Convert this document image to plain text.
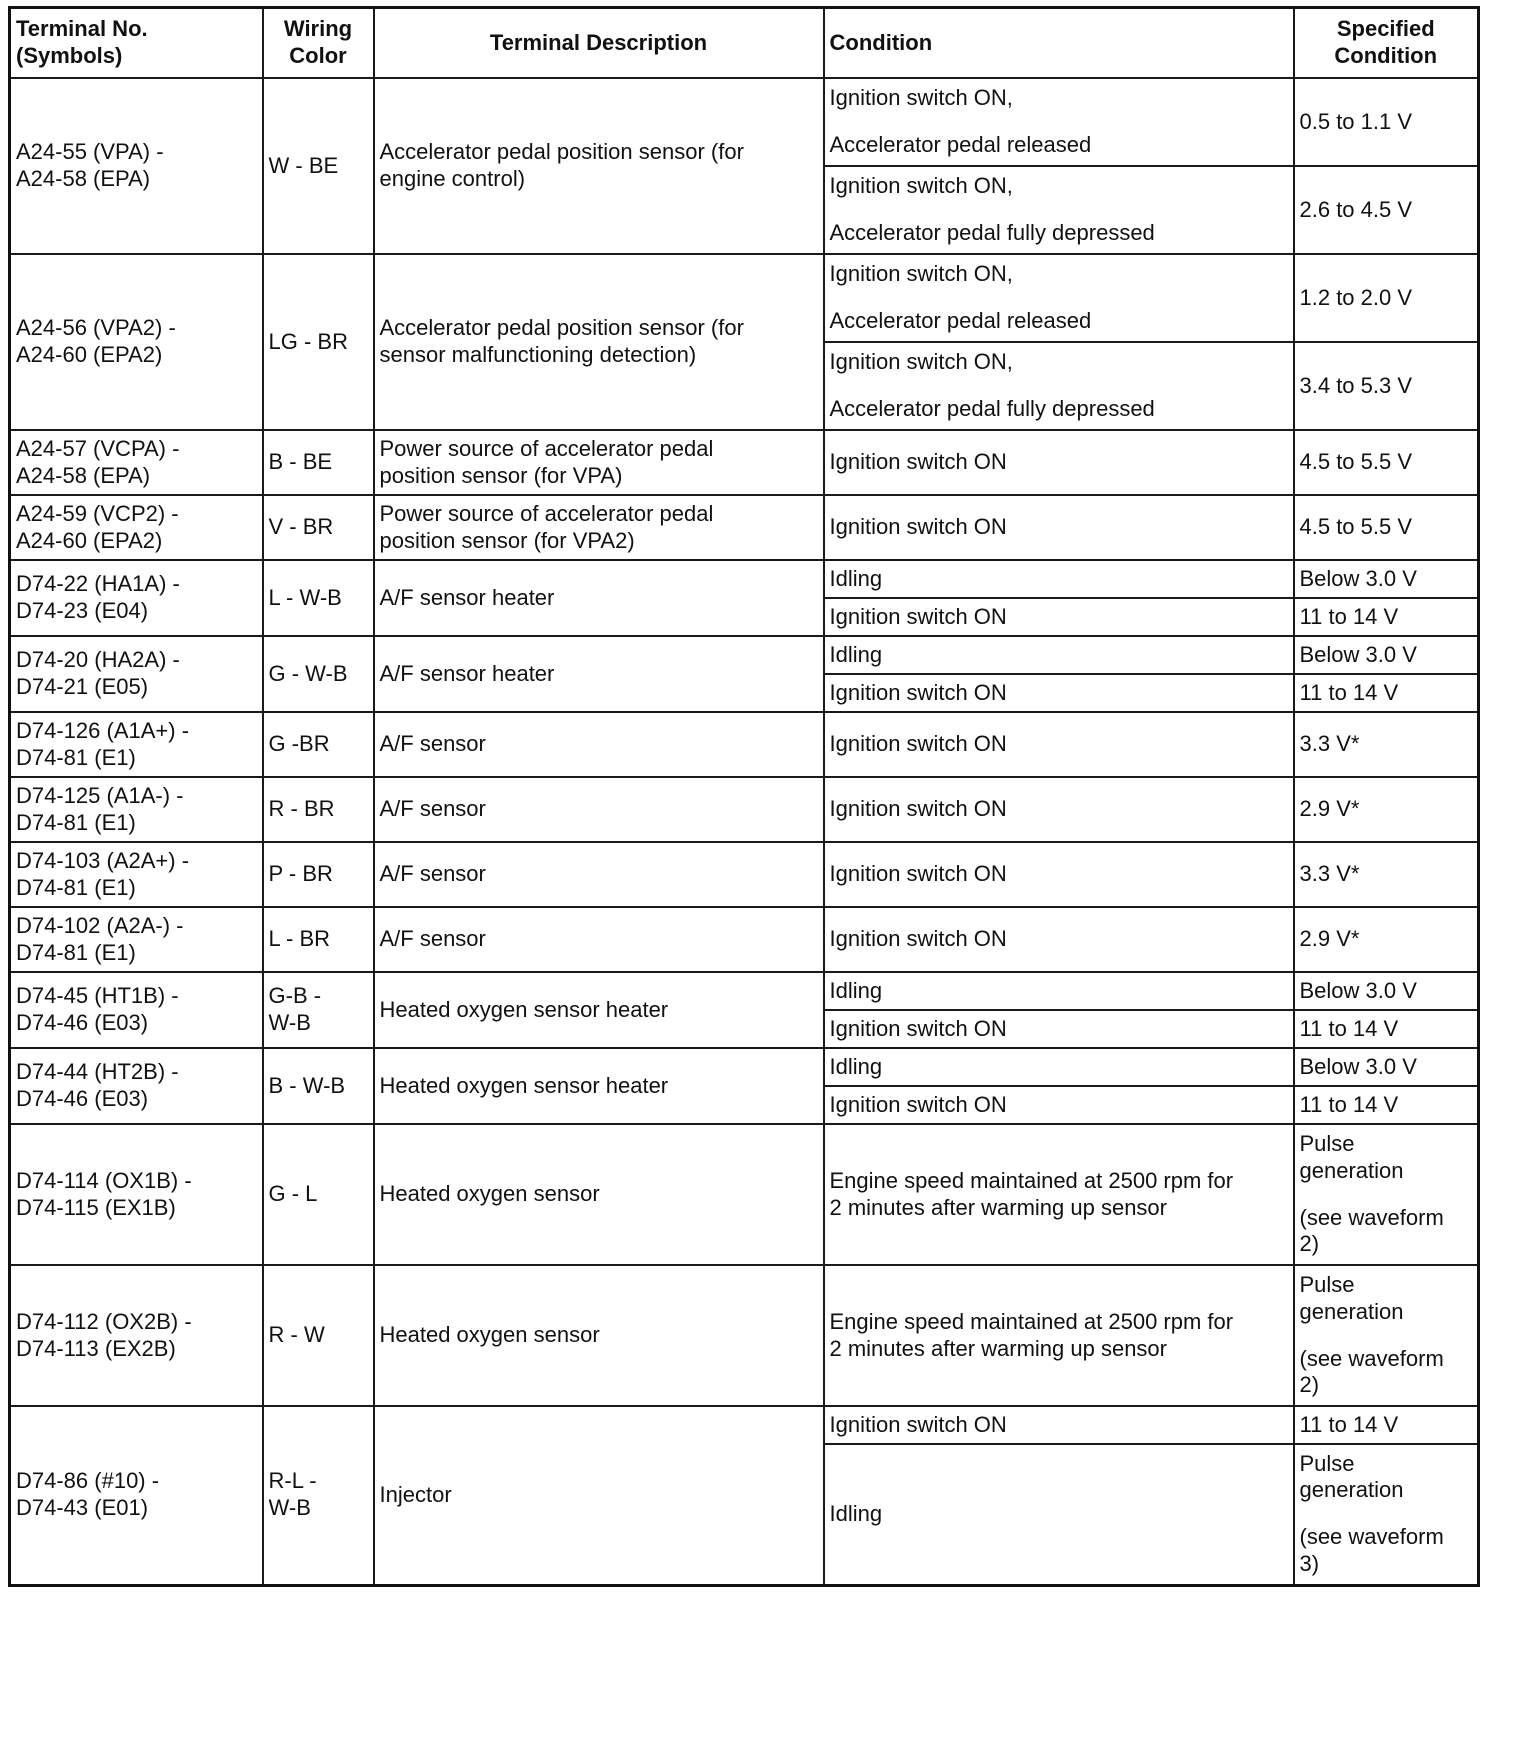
Terminal No.
(Symbols)	Wiring
Color	Terminal Description	Condition	Specified
Condition

A24-55 (VPA) -
A24-58 (EPA)	W - BE	Accelerator pedal position sensor (for
engine control)	Ignition switch ON,
Accelerator pedal released	0.5 to 1.1 V

			Ignition switch ON,
Accelerator pedal fully depressed	2.6 to 4.5 V

A24-56 (VPA2) -
A24-60 (EPA2)	LG - BR	Accelerator pedal position sensor (for
sensor malfunctioning detection)	Ignition switch ON,
Accelerator pedal released	1.2 to 2.0 V

			Ignition switch ON,
Accelerator pedal fully depressed	3.4 to 5.3 V

A24-57 (VCPA) -
A24-58 (EPA)	B - BE	Power source of accelerator pedal
position sensor (for VPA)	Ignition switch ON	4.5 to 5.5 V

A24-59 (VCP2) -
A24-60 (EPA2)	V - BR	Power source of accelerator pedal
position sensor (for VPA2)	Ignition switch ON	4.5 to 5.5 V

D74-22 (HA1A) -
D74-23 (E04)	L - W-B	A/F sensor heater	Idling	Below 3.0 V

			Ignition switch ON	11 to 14 V

D74-20 (HA2A) -
D74-21 (E05)	G - W-B	A/F sensor heater	Idling	Below 3.0 V

			Ignition switch ON	11 to 14 V

D74-126 (A1A+) -
D74-81 (E1)	G -BR	A/F sensor	Ignition switch ON	3.3 V*

D74-125 (A1A-) -
D74-81 (E1)	R - BR	A/F sensor	Ignition switch ON	2.9 V*

D74-103 (A2A+) -
D74-81 (E1)	P - BR	A/F sensor	Ignition switch ON	3.3 V*

D74-102 (A2A-) -
D74-81 (E1)	L - BR	A/F sensor	Ignition switch ON	2.9 V*

D74-45 (HT1B) -
D74-46 (E03)	G-B -
W-B	Heated oxygen sensor heater	Idling	Below 3.0 V

			Ignition switch ON	11 to 14 V

D74-44 (HT2B) -
D74-46 (E03)	B - W-B	Heated oxygen sensor heater	Idling	Below 3.0 V

			Ignition switch ON	11 to 14 V

D74-114 (OX1B) -
D74-115 (EX1B)	G - L	Heated oxygen sensor	Engine speed maintained at 2500 rpm for
2 minutes after warming up sensor	Pulse
generation
(see waveform
2)

D74-112 (OX2B) -
D74-113 (EX2B)	R - W	Heated oxygen sensor	Engine speed maintained at 2500 rpm for
2 minutes after warming up sensor	Pulse
generation
(see waveform
2)

D74-86 (#10) -
D74-43 (E01)	R-L -
W-B	Injector	Ignition switch ON	11 to 14 V

			Idling	Pulse
generation
(see waveform
3)
